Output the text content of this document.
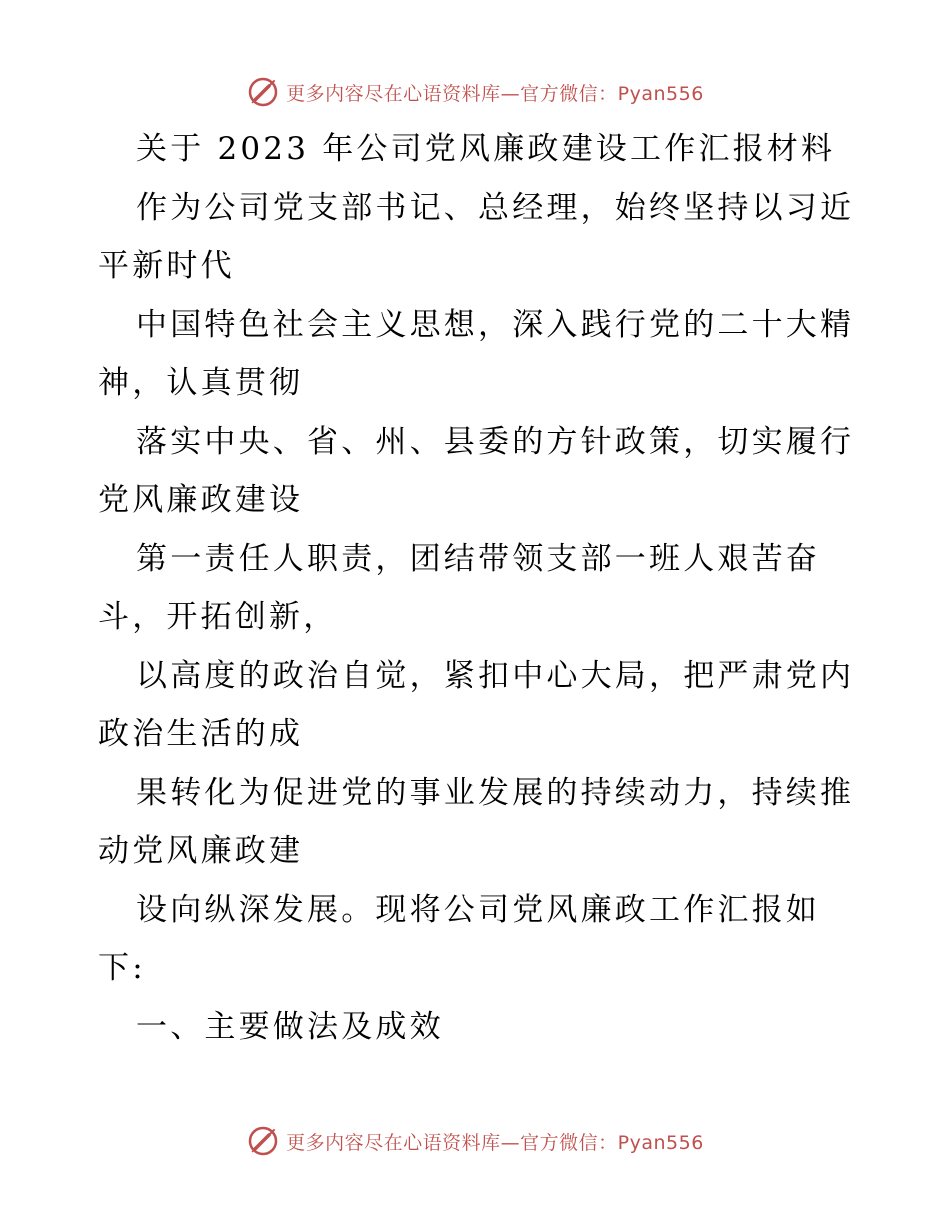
更多内容尽在心语资料库—官方微信：Pyan556
关于 2023 年公司党风廉政建设工作汇报材料
作为公司党支部书记、总经理，始终坚持以习近
平新时代
中国特色社会主义思想，深入践行党的二十大精
神，认真贯彻
落实中央、省、州、县委的方针政策，切实履行
党风廉政建设
第一责任人职责，团结带领支部一班人艰苦奋
斗，开拓创新，
以高度的政治自觉，紧扣中心大局，把严肃党内
政治生活的成
果转化为促进党的事业发展的持续动力，持续推
动党风廉政建
设向纵深发展。现将公司党风廉政工作汇报如
下:
一、主要做法及成效
更多内容尽在心语资料库—官方微信：Pyan556
